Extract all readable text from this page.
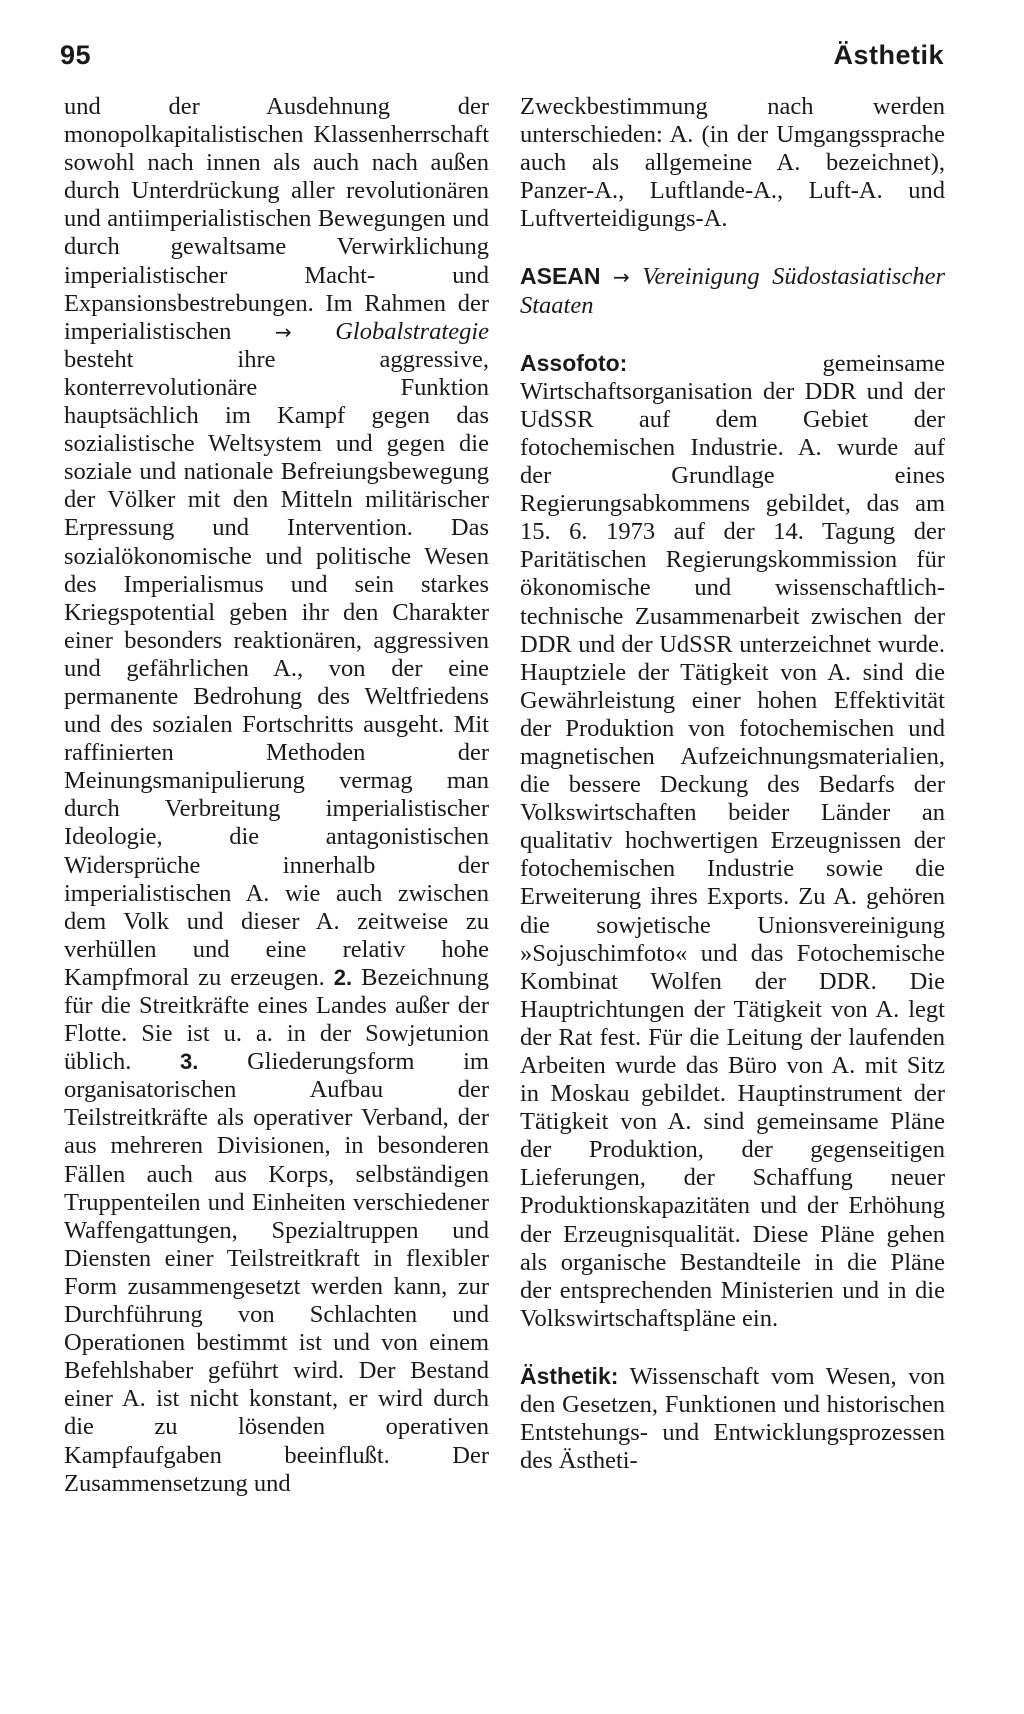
95	Ästhetik

und der Ausdehnung der monopolkapitalistischen Klassenherrschaft sowohl nach innen als auch nach außen durch Unterdrückung aller revolutionären und antiimperialistischen Bewegungen und durch gewaltsame Verwirklichung imperialistischer Macht- und Expansionsbestrebungen. Im Rahmen der imperialistischen → Globalstrategie besteht ihre aggressive, konterrevolutionäre Funktion hauptsächlich im Kampf gegen das sozialistische Weltsystem und gegen die soziale und nationale Befreiungsbewegung der Völker mit den Mitteln militärischer Erpressung und Intervention. Das sozialökonomische und politische Wesen des Imperialismus und sein starkes Kriegspotential geben ihr den Charakter einer besonders reaktionären, aggressiven und gefährlichen A., von der eine permanente Bedrohung des Weltfriedens und des sozialen Fortschritts ausgeht. Mit raffinierten Methoden der Meinungsmanipulierung vermag man durch Verbreitung imperialistischer Ideologie, die antagonistischen Widersprüche innerhalb der imperialistischen A. wie auch zwischen dem Volk und dieser A. zeitweise zu verhüllen und eine relativ hohe Kampfmoral zu erzeugen. 2. Bezeichnung für die Streitkräfte eines Landes außer der Flotte. Sie ist u. a. in der Sowjetunion üblich. 3. Gliederungsform im organisatorischen Aufbau der Teilstreitkräfte als operativer Verband, der aus mehreren Divisionen, in besonderen Fällen auch aus Korps, selbständigen Truppenteilen und Einheiten verschiedener Waffengattungen, Spezialtruppen und Diensten einer Teilstreitkraft in flexibler Form zusammengesetzt werden kann, zur Durchführung von Schlachten und Operationen bestimmt ist und von einem Befehlshaber geführt wird. Der Bestand einer A. ist nicht konstant, er wird durch die zu lösenden operativen Kampfaufgaben beeinflußt. Der Zusammensetzung und

Zweckbestimmung nach werden unterschieden: A. (in der Umgangssprache auch als allgemeine A. bezeichnet), Panzer-A., Luftlande-A., Luft-A. und Luftverteidigungs-A.

ASEAN → Vereinigung Südostasiatischer Staaten

Assofoto:	gemeinsame Wirtschaftsorganisation der DDR und der UdSSR auf dem Gebiet der fotochemischen Industrie. A. wurde auf der Grundlage eines Regierungsabkommens gebildet, das am 15. 6. 1973 auf der 14. Tagung der Paritätischen Regierungskommission für ökonomische und wissenschaftlich-technische Zusammenarbeit zwischen der DDR und der UdSSR unterzeichnet wurde. Hauptziele der Tätigkeit von A. sind die Gewährleistung einer hohen Effektivität der Produktion von fotochemischen und magnetischen Aufzeichnungsmaterialien, die bessere Deckung des Bedarfs der Volkswirtschaften beider Länder an qualitativ hochwertigen Erzeugnissen der fotochemischen Industrie sowie die Erweiterung ihres Exports. Zu A. gehören die sowjetische Unionsvereinigung »Sojuschimfoto« und das Fotochemische Kombinat Wolfen der DDR. Die Hauptrichtungen der Tätigkeit von A. legt der Rat fest. Für die Leitung der laufenden Arbeiten wurde das Büro von A. mit Sitz in Moskau gebildet. Hauptinstrument der Tätigkeit von A. sind gemeinsame Pläne der Produktion, der gegenseitigen Lieferungen, der Schaffung neuer Produktionskapazitäten und der Erhöhung der Erzeugnisqualität. Diese Pläne gehen als organische Bestandteile in die Pläne der entsprechenden Ministerien und in die Volkswirtschaftspläne ein.

Ästhetik: Wissenschaft vom Wesen, von den Gesetzen, Funktionen und historischen Entstehungs- und Entwicklungsprozessen des Ästheti-
